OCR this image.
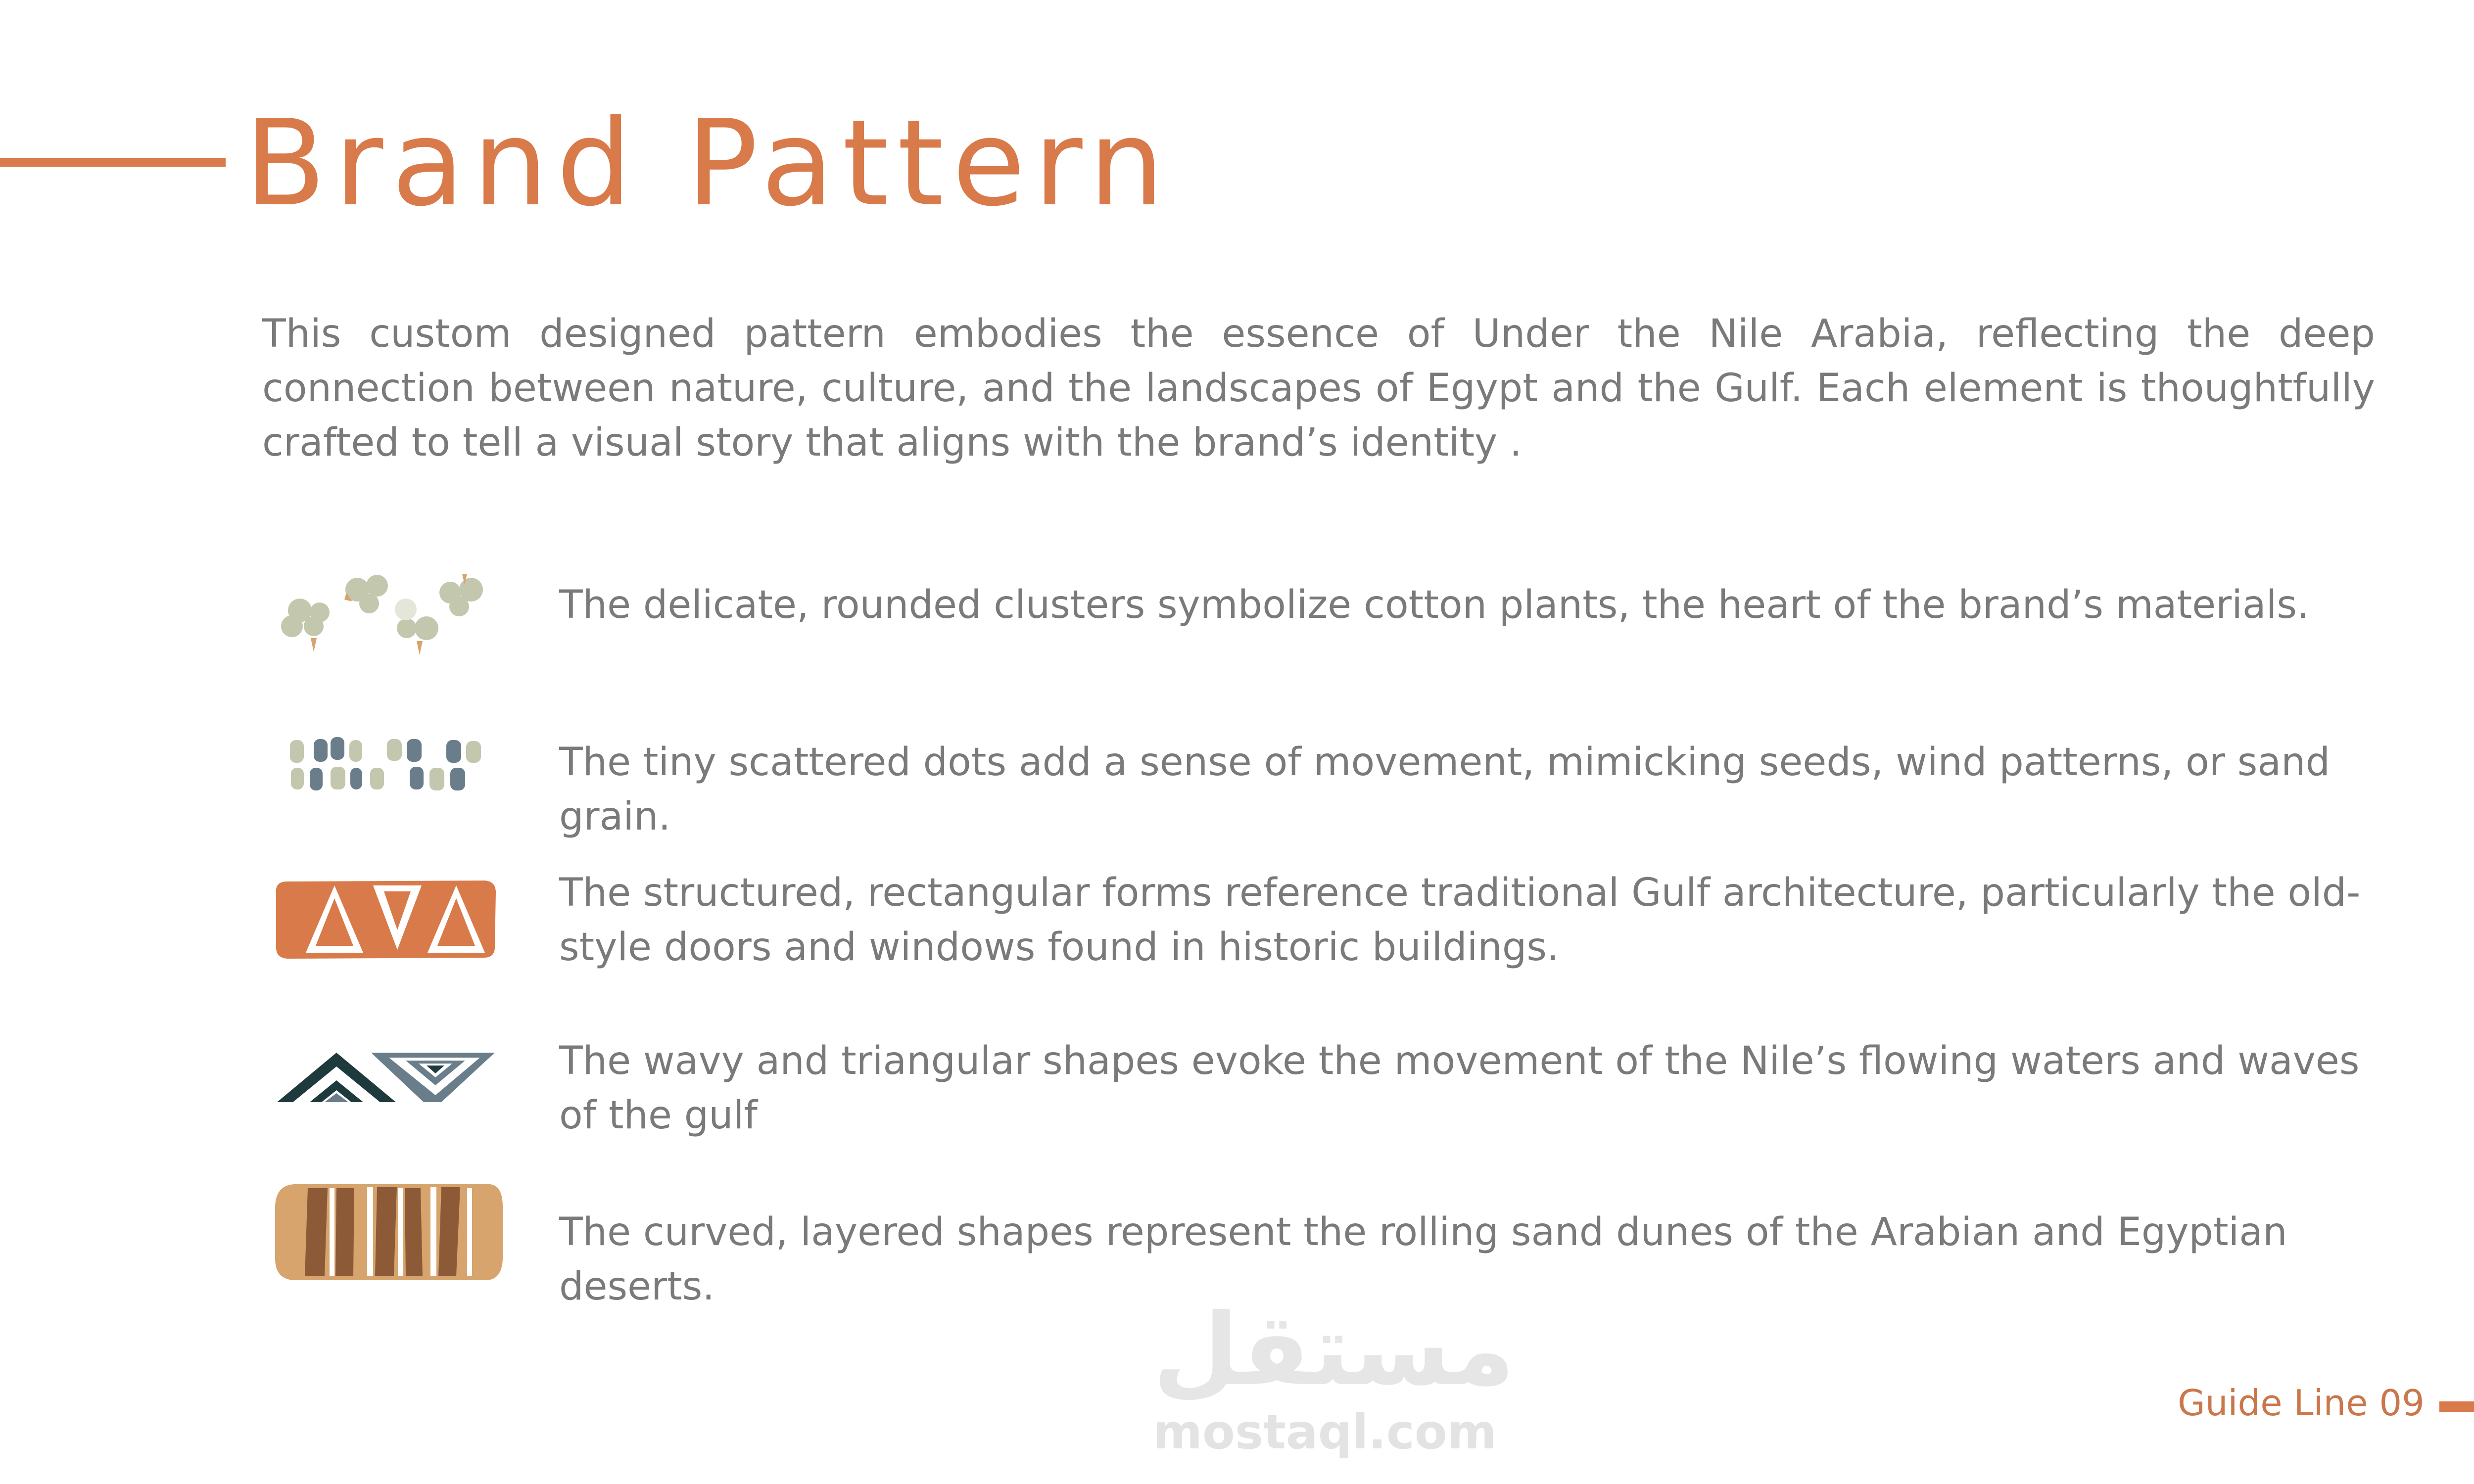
Brand Pattern

This custom designed pattern embodies the essence of Under the Nile Arabia, reflecting the deep connection between nature, culture, and the landscapes of Egypt and the Gulf. Each element is thoughtfully crafted to tell a visual story that aligns with the brand’s identity .

The delicate, rounded clusters symbolize cotton plants, the heart of the brand’s materials.

The tiny scattered dots add a sense of movement, mimicking seeds, wind patterns, or sand grain.

The structured, rectangular forms reference traditional Gulf architecture, particularly the old-style doors and windows found in historic buildings.

The wavy and triangular shapes evoke the movement of the Nile’s flowing waters and waves of the gulf

The curved, layered shapes represent the rolling sand dunes of the Arabian and Egyptian deserts.

مستقل
mostaql.com
Guide Line 09
